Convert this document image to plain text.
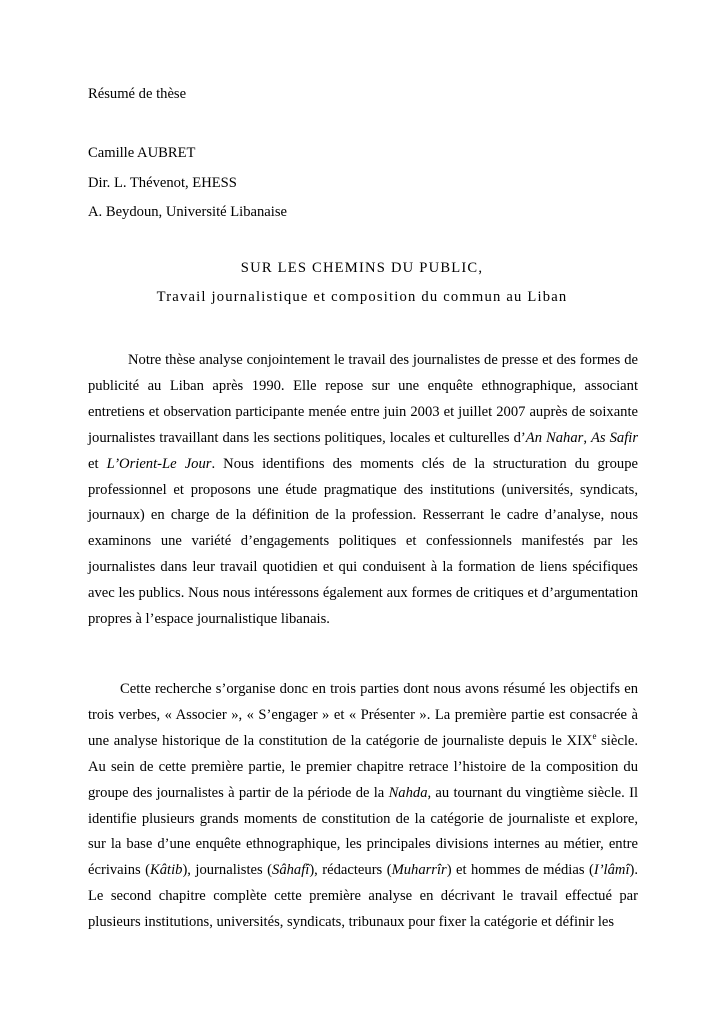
Résumé de thèse

Camille AUBRET

Dir. L. Thévenot, EHESS

A. Beydoun, Université Libanaise

SUR LES CHEMINS DU PUBLIC,

Travail journalistique et composition du commun au Liban

Notre thèse analyse conjointement le travail des journalistes de presse et des formes de publicité au Liban après 1990. Elle repose sur une enquête ethnographique, associant entretiens et observation participante menée entre juin 2003 et juillet 2007 auprès de soixante journalistes travaillant dans les sections politiques, locales et culturelles d’An Nahar, As Safir et L’Orient-Le Jour. Nous identifions des moments clés de la structuration du groupe professionnel et proposons une étude pragmatique des institutions (universités, syndicats, journaux) en charge de la définition de la profession. Resserrant le cadre d’analyse, nous examinons une variété d’engagements politiques et confessionnels manifestés par les journalistes dans leur travail quotidien et qui conduisent à la formation de liens spécifiques avec les publics. Nous nous intéressons également aux formes de critiques et d’argumentation propres à l’espace journalistique libanais.

Cette recherche s’organise donc en trois parties dont nous avons résumé les objectifs en trois verbes, « Associer », « S’engager » et « Présenter ». La première partie est consacrée à une analyse historique de la constitution de la catégorie de journaliste depuis le XIXe siècle. Au sein de cette première partie, le premier chapitre retrace l’histoire de la composition du groupe des journalistes à partir de la période de la Nahda, au tournant du vingtième siècle. Il identifie plusieurs grands moments de constitution de la catégorie de journaliste et explore, sur la base d’une enquête ethnographique, les principales divisions internes au métier, entre écrivains (Kâtib), journalistes (Sâhafî), rédacteurs (Muharrîr) et hommes de médias (I’lâmî). Le second chapitre complète cette première analyse en décrivant le travail effectué par plusieurs institutions, universités, syndicats, tribunaux pour fixer la catégorie et définir les
